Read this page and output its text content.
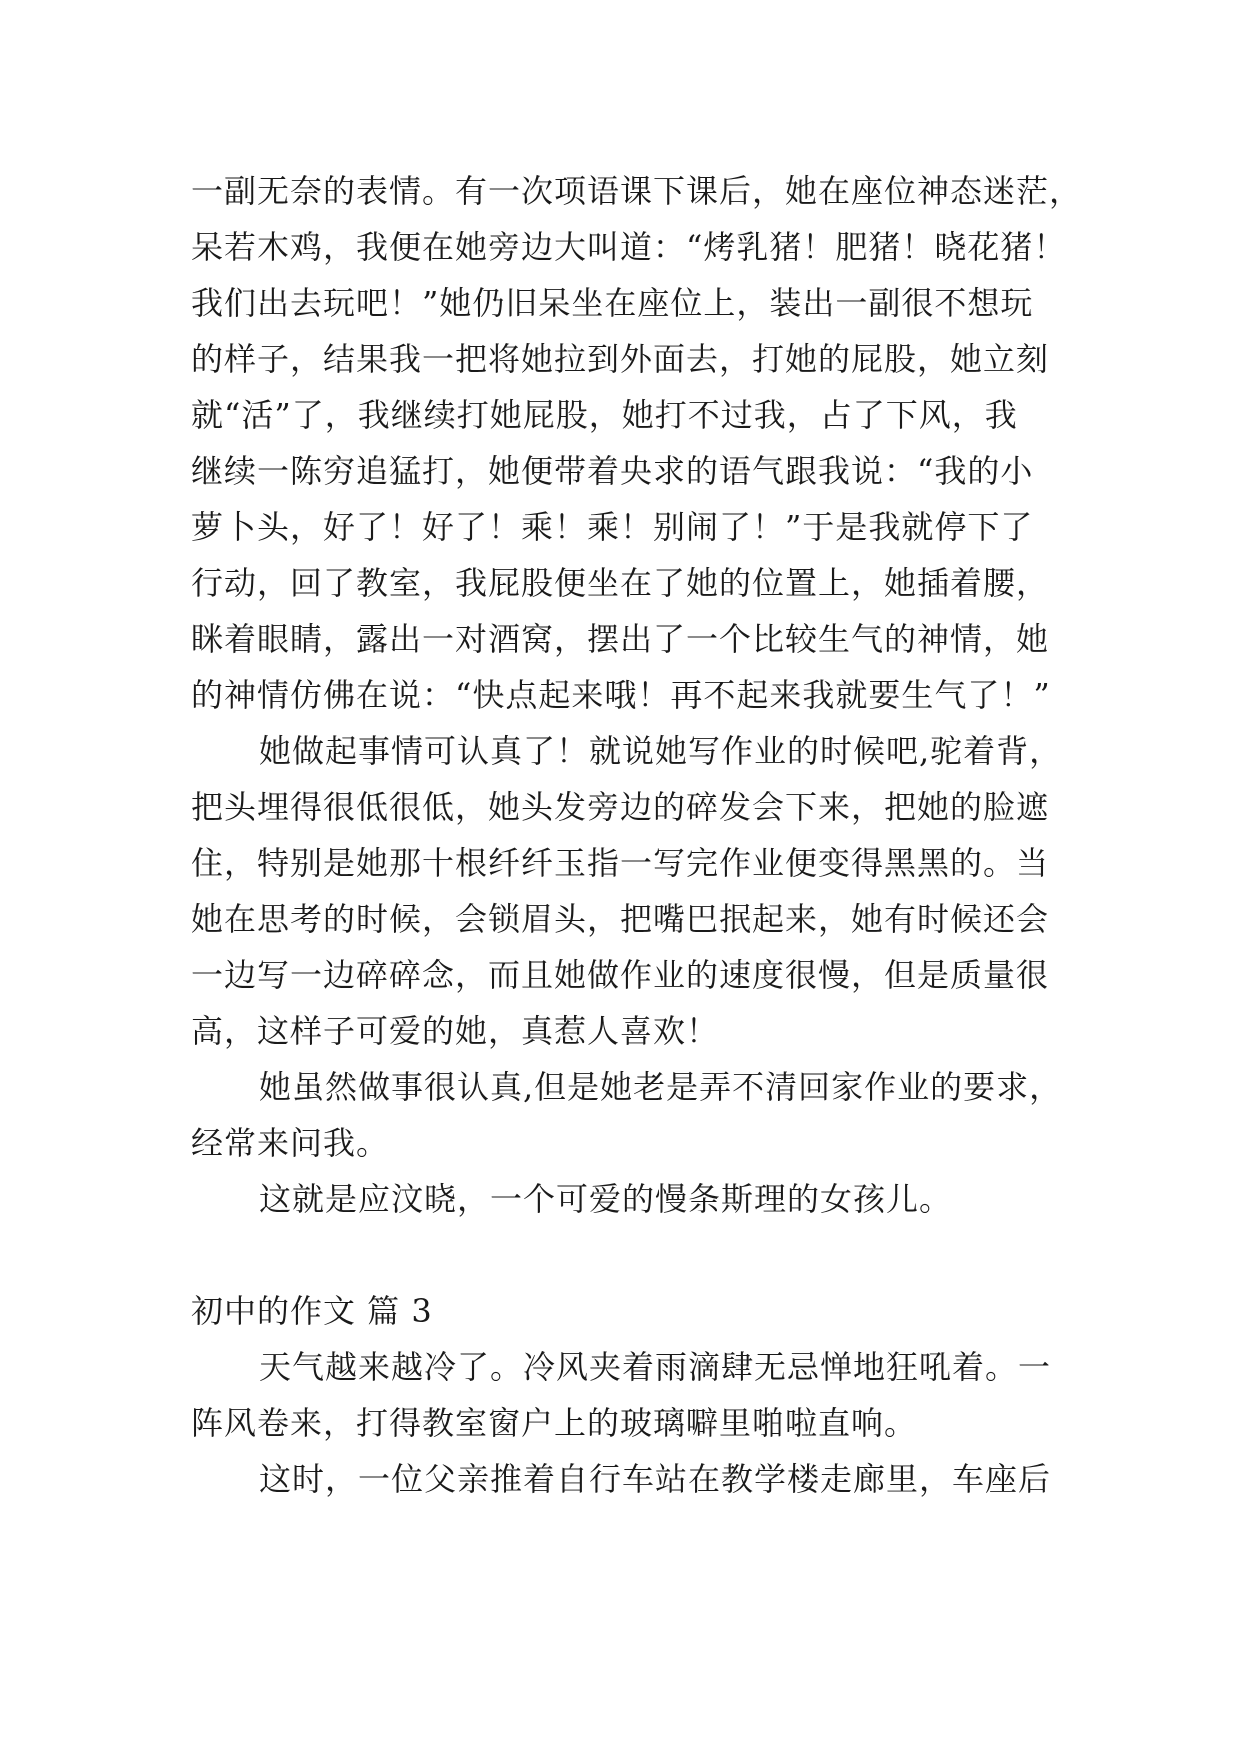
一副无奈的表情。有一次项语课下课后，她在座位神态迷茫，
呆若木鸡，我便在她旁边大叫道：“烤乳猪！肥猪！晓花猪！
我们出去玩吧！”她仍旧呆坐在座位上，装出一副很不想玩
的样子，结果我一把将她拉到外面去，打她的屁股，她立刻
就“活”了，我继续打她屁股，她打不过我，占了下风，我
继续一陈穷追猛打，她便带着央求的语气跟我说：“我的小
萝卜头，好了！好了！乘！乘！别闹了！”于是我就停下了
行动，回了教室，我屁股便坐在了她的位置上，她插着腰，
眯着眼睛，露出一对酒窝，摆出了一个比较生气的神情，她
的神情仿佛在说：“快点起来哦！再不起来我就要生气了！”
她做起事情可认真了！就说她写作业的时候吧,驼着背，
把头埋得很低很低，她头发旁边的碎发会下来，把她的脸遮
住，特别是她那十根纤纤玉指一写完作业便变得黑黑的。当
她在思考的时候，会锁眉头，把嘴巴抿起来，她有时候还会
一边写一边碎碎念，而且她做作业的速度很慢，但是质量很
高，这样子可爱的她，真惹人喜欢！
她虽然做事很认真,但是她老是弄不清回家作业的要求，
经常来问我。
这就是应汶晓，一个可爱的慢条斯理的女孩儿。
初中的作文 篇 3
天气越来越冷了。冷风夹着雨滴肆无忌惮地狂吼着。一
阵风卷来，打得教室窗户上的玻璃噼里啪啦直响。
这时，一位父亲推着自行车站在教学楼走廊里，车座后
